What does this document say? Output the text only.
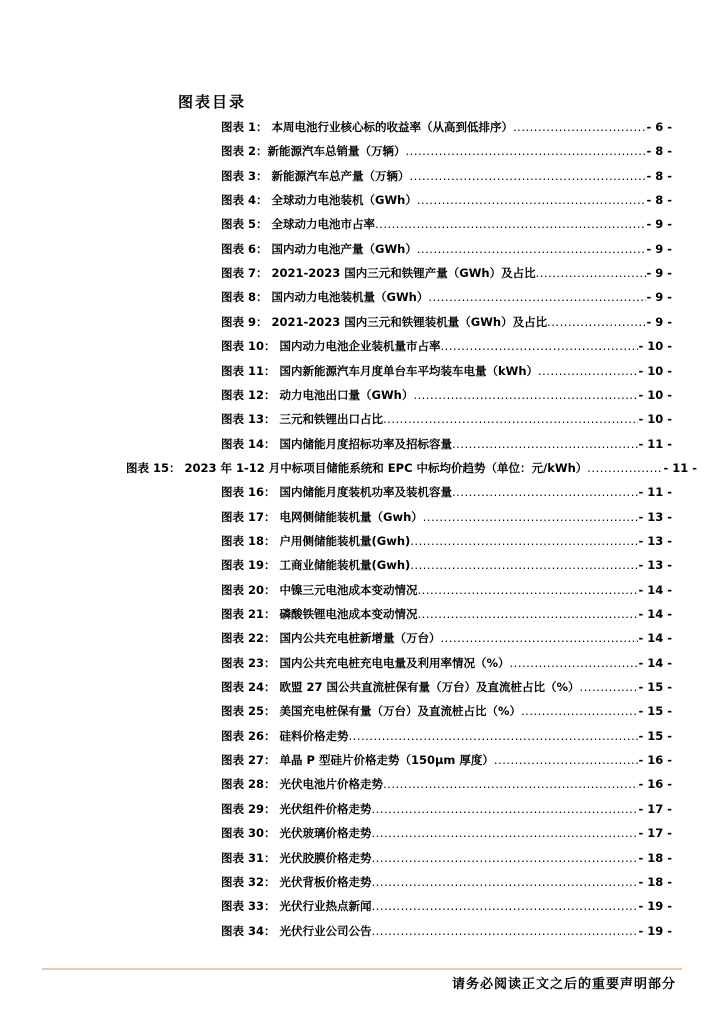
图表目录
图表 1： 本周电池行业核心标的收益率（从高到低排序） .....	- 6 -
图表 2：新能源汽车总销量（万辆） .....	- 8 -
图表 3： 新能源汽车总产量（万辆） .....	- 8 -
图表 4： 全球动力电池装机（GWh） .....	- 8 -
图表 5： 全球动力电池市占率 .....	- 9 -
图表 6： 国内动力电池产量（GWh） .....	- 9 -
图表 7： 2021-2023 国内三元和铁锂产量（GWh）及占比 .....	- 9 -
图表 8： 国内动力电池装机量（GWh） .....	- 9 -
图表 9： 2021-2023 国内三元和铁锂装机量（GWh）及占比 .....	- 9 -
图表 10： 国内动力电池企业装机量市占率 .....	- 10 -
图表 11： 国内新能源汽车月度单台车平均装车电量（kWh） .....	- 10 -
图表 12： 动力电池出口量（GWh） .....	- 10 -
图表 13： 三元和铁锂出口占比 .....	- 10 -
图表 14： 国内储能月度招标功率及招标容量 .....	- 11 -
图表 15： 2023 年 1-12 月中标项目储能系统和 EPC 中标均价趋势（单位：元/kWh） .....	- 11 -
图表 16： 国内储能月度装机功率及装机容量 .....	- 11 -
图表 17： 电网侧储能装机量（Gwh） .....	- 13 -
图表 18： 户用侧储能装机量(Gwh) .....	- 13 -
图表 19： 工商业储能装机量(Gwh) .....	- 13 -
图表 20： 中镍三元电池成本变动情况 .....	- 14 -
图表 21： 磷酸铁锂电池成本变动情况 .....	- 14 -
图表 22： 国内公共充电桩新增量（万台） .....	- 14 -
图表 23： 国内公共充电桩充电电量及利用率情况（%） .....	- 14 -
图表 24： 欧盟 27 国公共直流桩保有量（万台）及直流桩占比（%） .....	- 15 -
图表 25： 美国充电桩保有量（万台）及直流桩占比（%） .....	- 15 -
图表 26： 硅料价格走势 .....	- 15 -
图表 27： 单晶 P 型硅片价格走势（150μm 厚度） .....	- 16 -
图表 28： 光伏电池片价格走势 .....	- 16 -
图表 29： 光伏组件价格走势 .....	- 17 -
图表 30： 光伏玻璃价格走势 .....	- 17 -
图表 31： 光伏胶膜价格走势 .....	- 18 -
图表 32： 光伏背板价格走势 .....	- 18 -
图表 33： 光伏行业热点新闻 .....	- 19 -
图表 34： 光伏行业公司公告 .....	- 19 -
请务必阅读正文之后的重要声明部分
